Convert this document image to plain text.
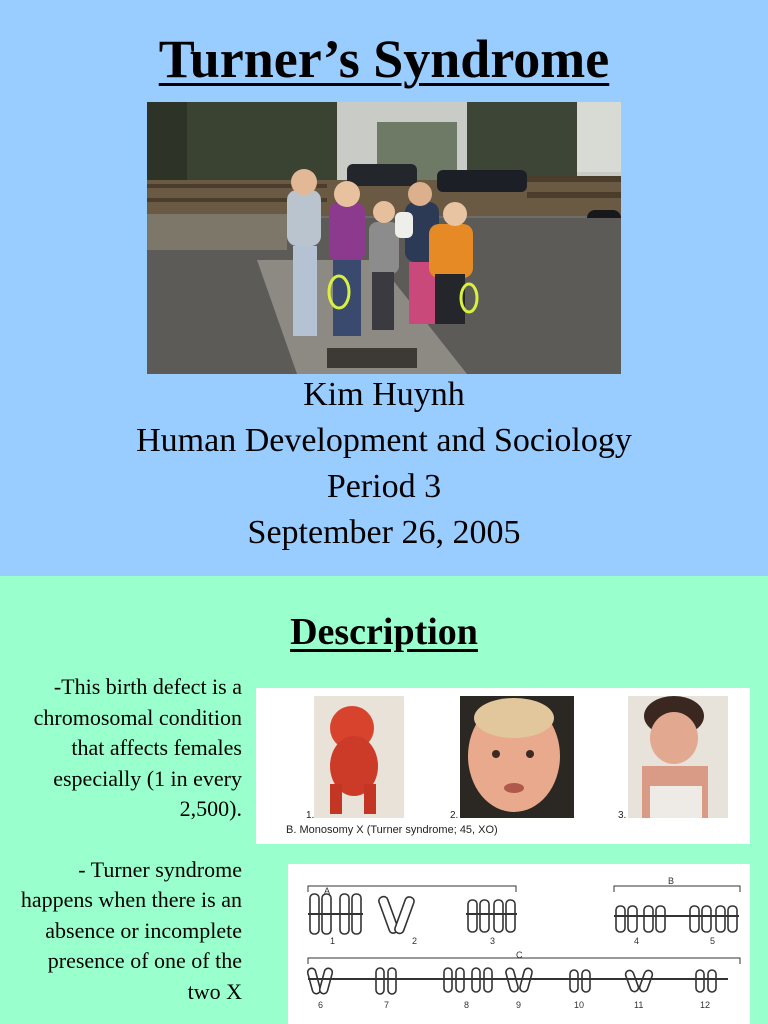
Turner’s Syndrome
Kim Huynh
Human Development and Sociology
Period 3
September 26, 2005
Description

-This birth defect is a chromosomal condition that affects females especially (1 in every 2,500).

- Turner syndrome happens when there is an absence or incomplete presence of one of the two X

1.	2.	3.
B. Monosomy X (Turner syndrome; 45, XO)
A
B
C
1	2	3	4	5
6	7	8	9	10	11	12
